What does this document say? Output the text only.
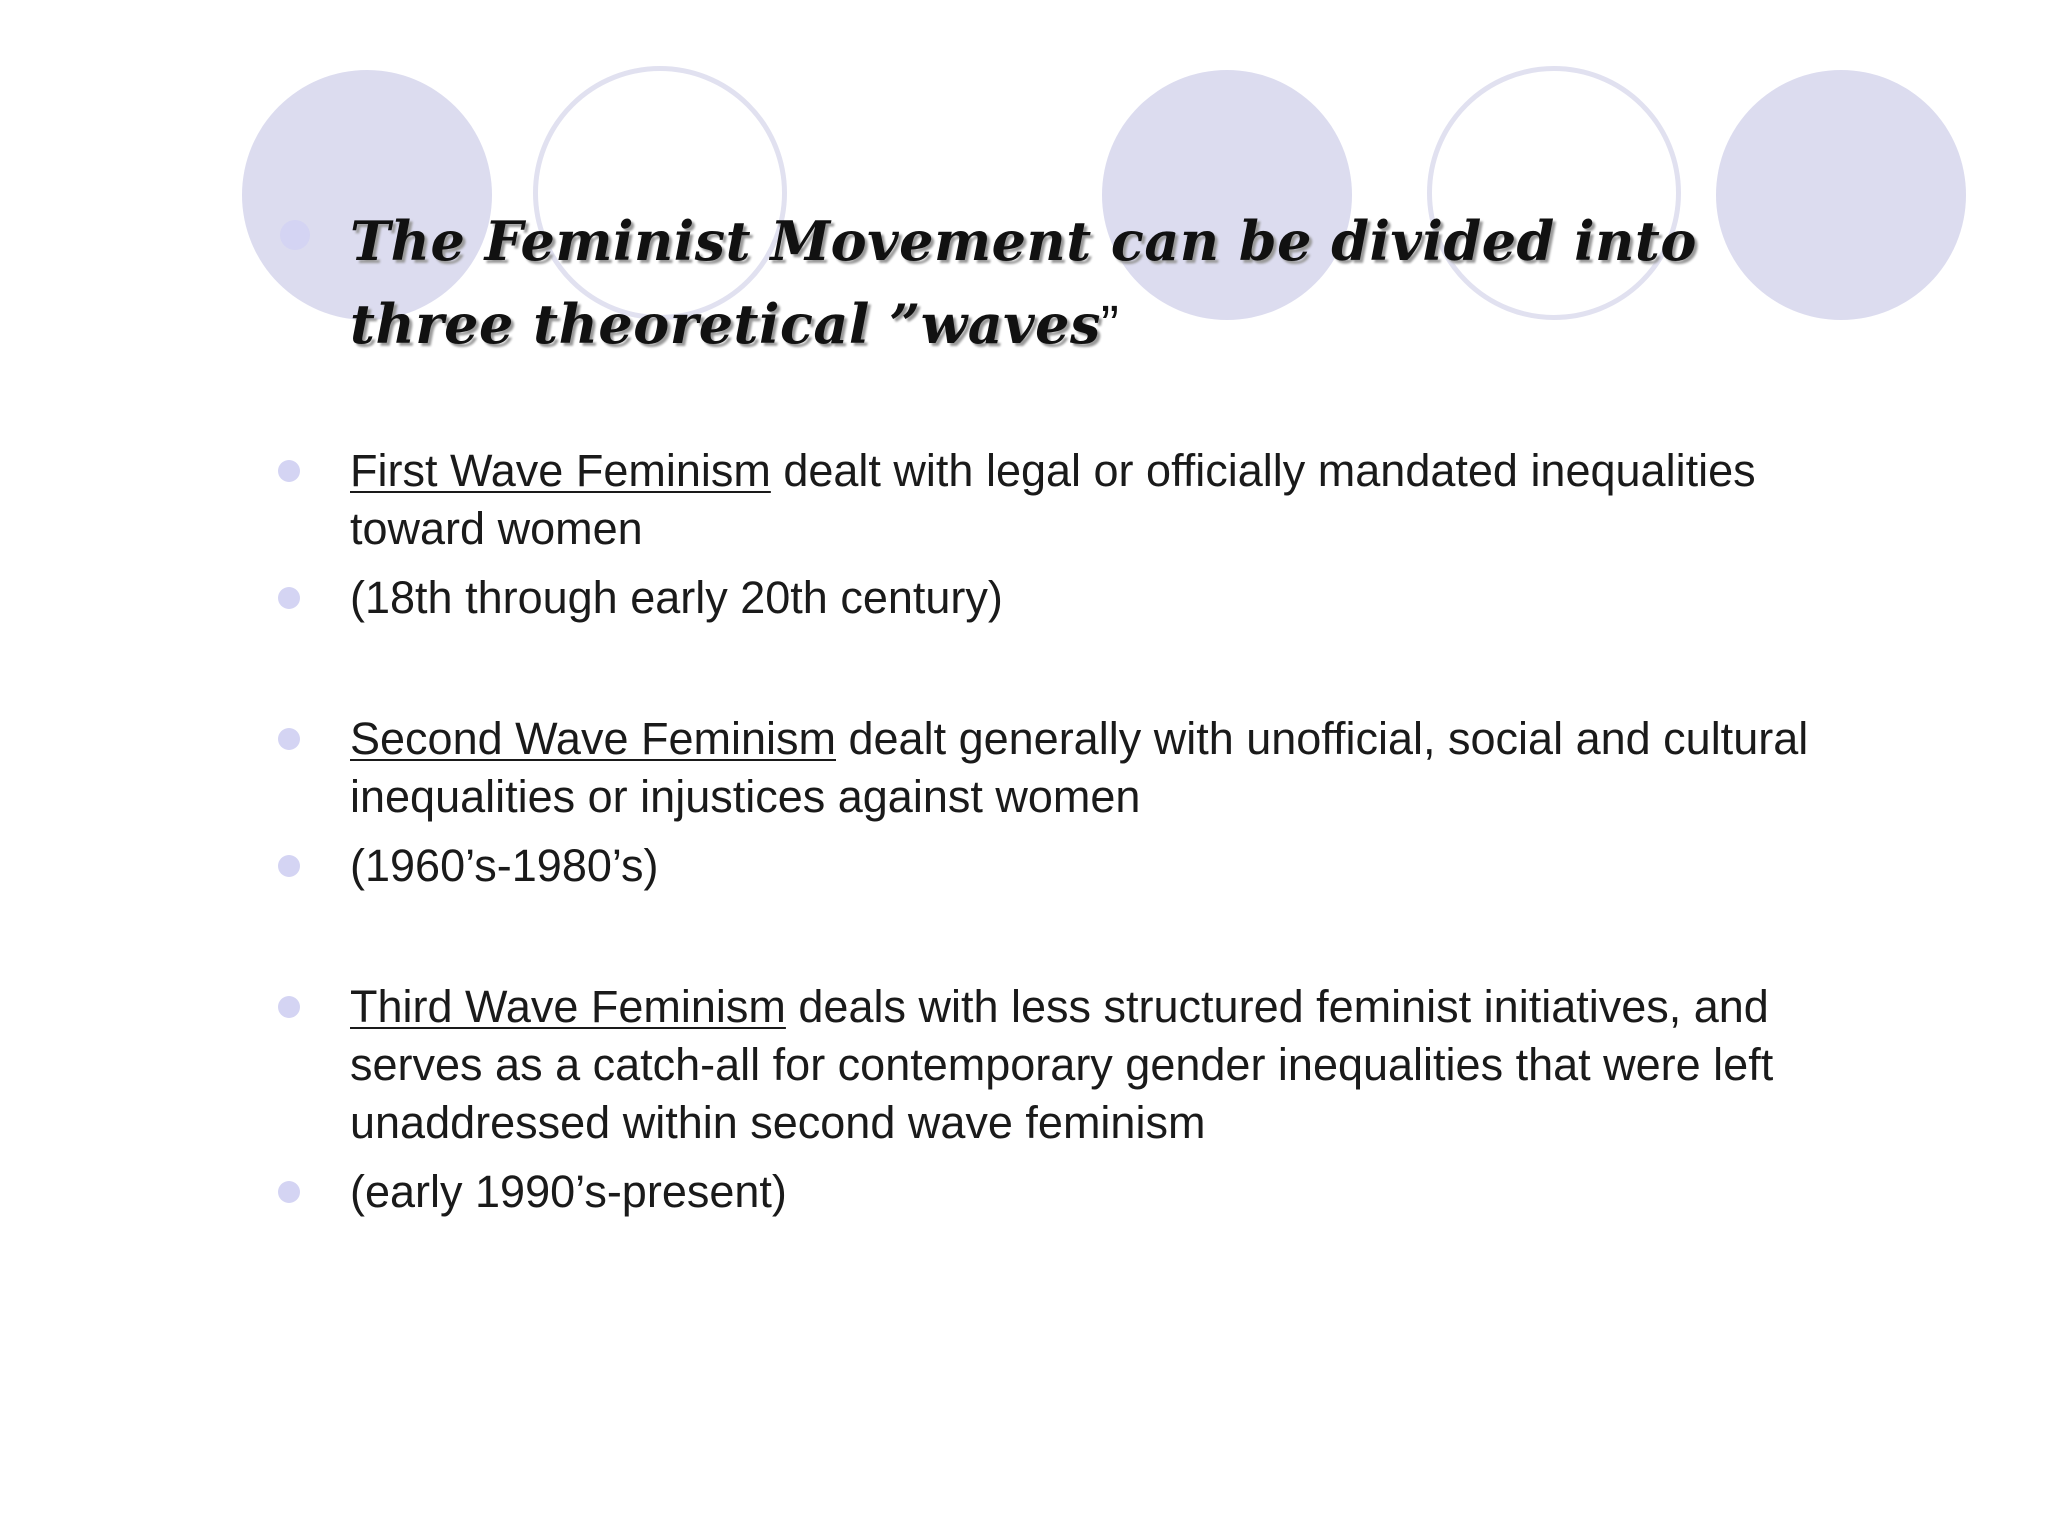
The Feminist Movement can be divided into three theoretical ”waves”
First Wave Feminism dealt with legal or officially mandated inequalities toward women
(18th through early 20th century)
Second Wave Feminism dealt generally with unofficial, social and cultural inequalities or injustices against women
(1960’s-1980’s)
Third Wave Feminism deals with less structured feminist initiatives, and serves as a catch-all for contemporary gender inequalities that were left unaddressed within second wave feminism
(early 1990’s-present)
